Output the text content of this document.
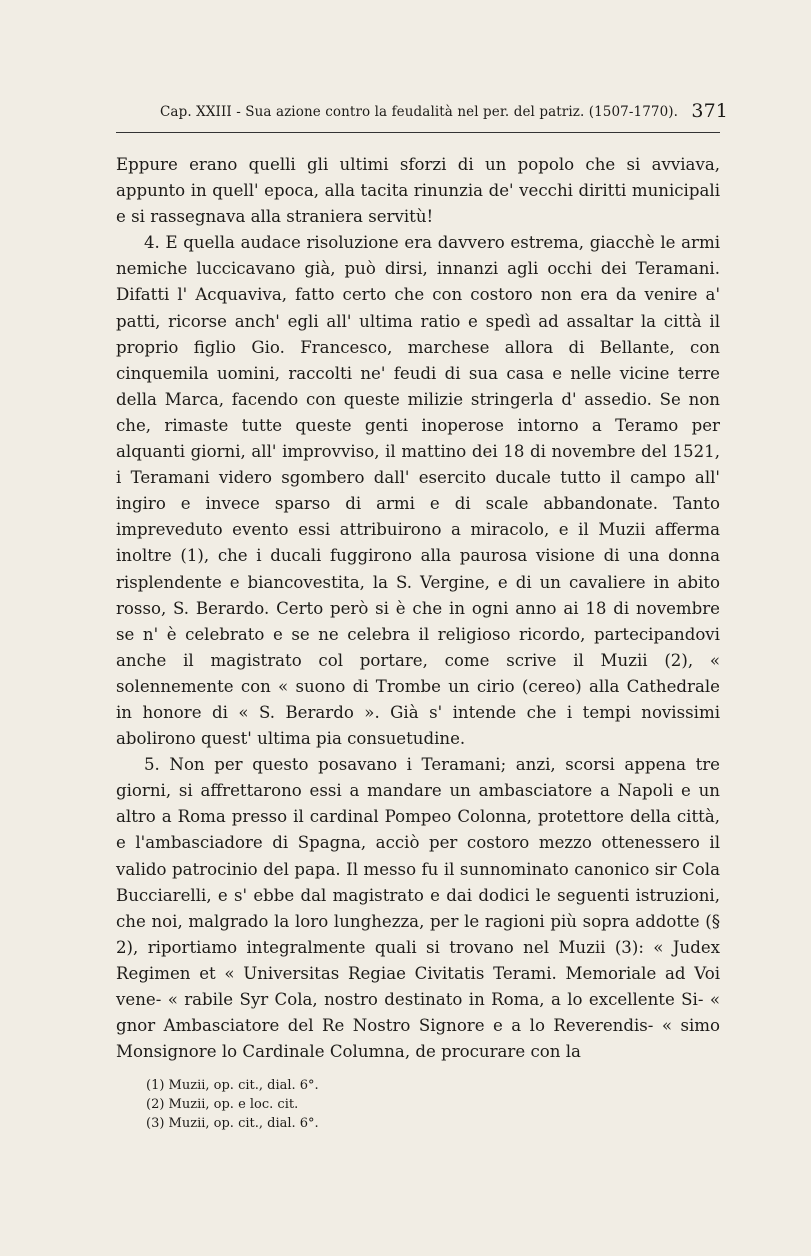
Cap. XXIII - Sua azione contro la feudalità nel per. del patriz. (1507-1770). 371

Eppure erano quelli gli ultimi sforzi di un popolo che si avviava, appunto in quell' epoca, alla tacita rinunzia de' vecchi diritti municipali e si rassegnava alla straniera servitù!

4. E quella audace risoluzione era davvero estrema, giacchè le armi nemiche luccicavano già, può dirsi, innanzi agli occhi dei Teramani. Difatti l' Acquaviva, fatto certo che con costoro non era da venire a' patti, ricorse anch' egli all' ultima ratio e spedì ad assaltar la città il proprio figlio Gio. Francesco, marchese allora di Bellante, con cinquemila uomini, raccolti ne' feudi di sua casa e nelle vicine terre della Marca, facendo con queste milizie stringerla d' assedio. Se non che, rimaste tutte queste genti inoperose intorno a Teramo per alquanti giorni, all' improvviso, il mattino dei 18 di novembre del 1521, i Teramani videro sgombero dall' esercito ducale tutto il campo all' ingiro e invece sparso di armi e di scale abbandonate. Tanto impreveduto evento essi attribuirono a miracolo, e il Muzii afferma inoltre (1), che i ducali fuggirono alla paurosa visione di una donna risplendente e biancovestita, la S. Vergine, e di un cavaliere in abito rosso, S. Berardo. Certo però si è che in ogni anno ai 18 di novembre se n' è celebrato e se ne celebra il religioso ricordo, partecipandovi anche il magistrato col portare, come scrive il Muzii (2), « solennemente con « suono di Trombe un cirio (cereo) alla Cathedrale in honore di « S. Berardo ». Già s' intende che i tempi novissimi abolirono quest' ultima pia consuetudine.

5. Non per questo posavano i Teramani; anzi, scorsi appena tre giorni, si affrettarono essi a mandare un ambasciatore a Napoli e un altro a Roma presso il cardinal Pompeo Colonna, protettore della città, e l'ambasciadore di Spagna, acciò per costoro mezzo ottenessero il valido patrocinio del papa. Il messo fu il sunnominato canonico sir Cola Bucciarelli, e s' ebbe dal magistrato e dai dodici le seguenti istruzioni, che noi, malgrado la loro lunghezza, per le ragioni più sopra addotte (§ 2), riportiamo integralmente quali si trovano nel Muzii (3): « Judex Regimen et « Universitas Regiae Civitatis Terami. Memoriale ad Voi vene- « rabile Syr Cola, nostro destinato in Roma, a lo excellente Si- « gnor Ambasciatore del Re Nostro Signore e a lo Reverendis- « simo Monsignore lo Cardinale Columna, de procurare con la

(1) Muzii, op. cit., dial. 6°.
(2) Muzii, op. e loc. cit.
(3) Muzii, op. cit., dial. 6°.
